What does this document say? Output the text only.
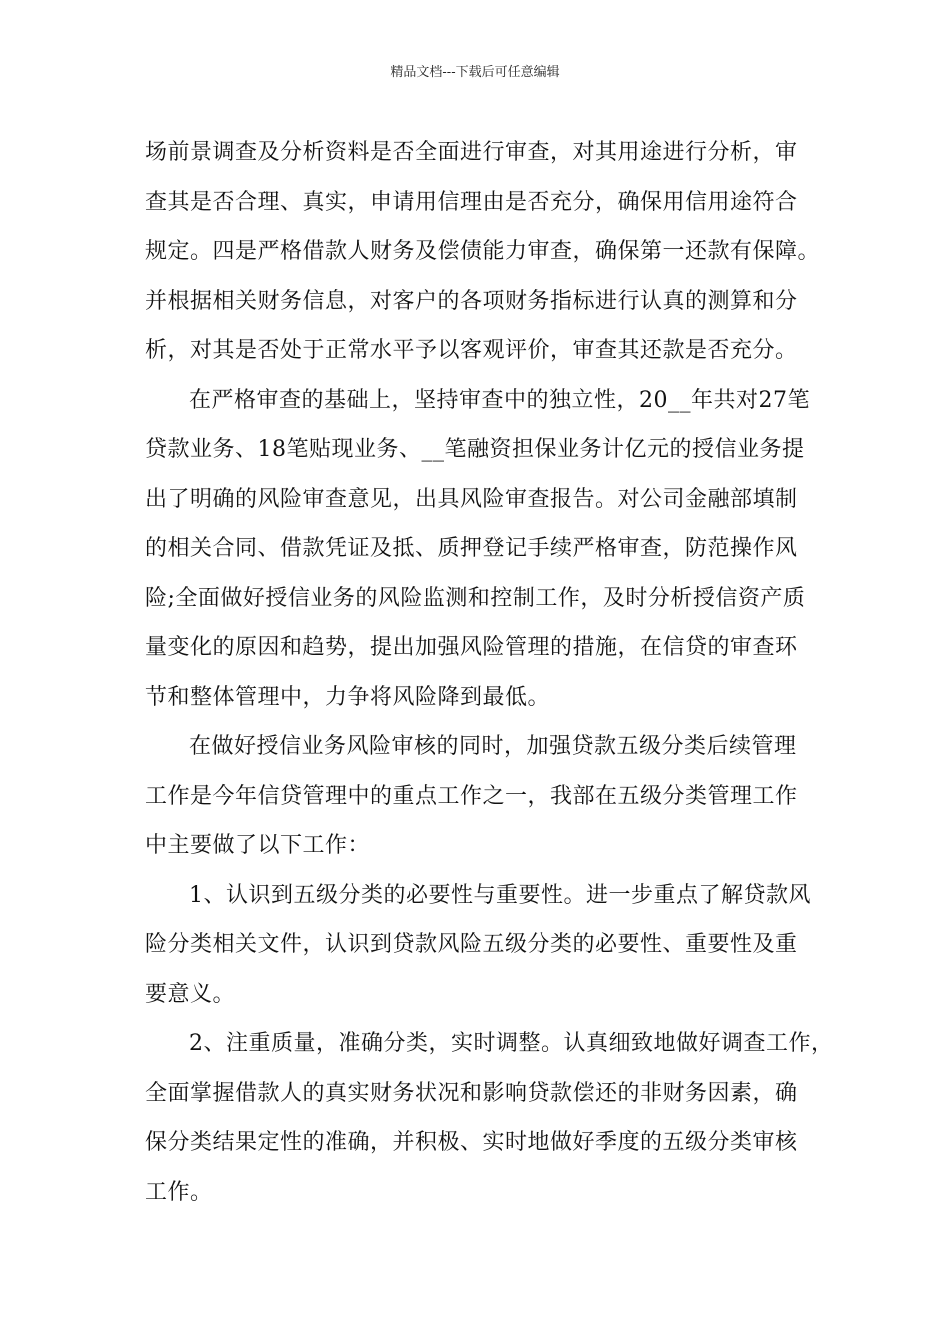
精品文档---下载后可任意编辑
场前景调查及分析资料是否全面进行审查，对其用途进行分析，审
查其是否合理、真实，申请用信理由是否充分，确保用信用途符合
规定。四是严格借款人财务及偿债能力审查，确保第一还款有保障。
并根据相关财务信息，对客户的各项财务指标进行认真的测算和分
析，对其是否处于正常水平予以客观评价，审查其还款是否充分。
在严格审查的基础上，坚持审查中的独立性，20__年共对27笔
贷款业务、18笔贴现业务、__笔融资担保业务计亿元的授信业务提
出了明确的风险审查意见，出具风险审查报告。对公司金融部填制
的相关合同、借款凭证及抵、质押登记手续严格审查，防范操作风
险;全面做好授信业务的风险监测和控制工作，及时分析授信资产质
量变化的原因和趋势，提出加强风险管理的措施，在信贷的审查环
节和整体管理中，力争将风险降到最低。
在做好授信业务风险审核的同时，加强贷款五级分类后续管理
工作是今年信贷管理中的重点工作之一，我部在五级分类管理工作
中主要做了以下工作：
1、认识到五级分类的必要性与重要性。进一步重点了解贷款风
险分类相关文件，认识到贷款风险五级分类的必要性、重要性及重
要意义。
2、注重质量，准确分类，实时调整。认真细致地做好调查工作，
全面掌握借款人的真实财务状况和影响贷款偿还的非财务因素，确
保分类结果定性的准确，并积极、实时地做好季度的五级分类审核
工作。
